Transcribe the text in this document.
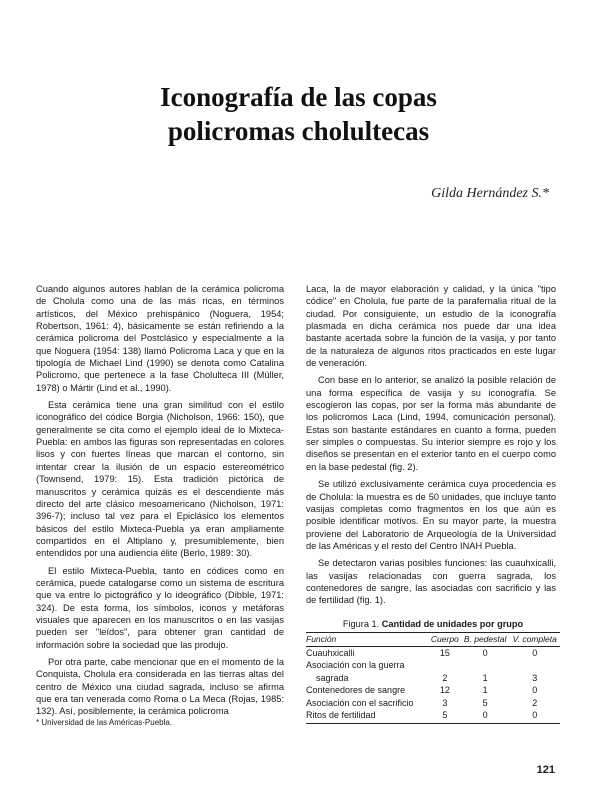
Iconografía de las copas
policromas cholultecas
Gilda Hernández S.*

Cuando algunos autores hablan de la cerámica policroma de Cholula como una de las más ricas, en términos artísticos, del México prehispánico (Noguera, 1954; Robertson, 1961: 4), básicamente se están refiriendo a la cerámica policroma del Postclásico y especialmente a la que Noguera (1954: 138) llamó Policroma Laca y que en la tipología de Michael Lind (1990) se denota como Catalina Policromo, que pertenece a la fase Cholulteca III (Müller, 1978) o Mártir (Lind et al., 1990).

Esta cerámica tiene una gran similitud con el estilo iconográfico del códice Borgia (Nicholson, 1966: 150), que generalmente se cita como el ejemplo ideal de lo Mixteca-Puebla: en ambos las figuras son representadas en colores lisos y con fuertes líneas que marcan el contorno, sin intentar crear la ilusión de un espacio estereométrico (Townsend, 1979: 15). Esta tradición pictórica de manuscritos y cerámica quizás es el descendiente más directo del arte clásico mesoamericano (Nicholson, 1971: 396-7); incluso tal vez para el Epiclásico los elementos básicos del estilo Mixteca-Puebla ya eran ampliamente compartidos en el Altiplano y, presumiblemente, bien entendidos por una audiencia élite (Berlo, 1989: 30).

El estilo Mixteca-Puebla, tanto en códices como en cerámica, puede catalogarse como un sistema de escritura que va entre lo pictográfico y lo ideográfico (Dibble, 1971: 324). De esta forma, los símbolos, iconos y metáforas visuales que aparecen en los manuscritos o en las vasijas pueden ser "leídos", para obtener gran cantidad de información sobre la sociedad que las produjo.

Por otra parte, cabe mencionar que en el momento de la Conquista, Cholula era considerada en las tierras altas del centro de México una ciudad sagrada, incluso se afirma que era tan venerada como Roma o La Meca (Rojas, 1985: 132). Así, posiblemente, la cerámica policroma

Laca, la de mayor elaboración y calidad, y la única "tipo códice" en Cholula, fue parte de la parafernalia ritual de la ciudad. Por consiguiente, un estudio de la iconografía plasmada en dicha cerámica nos puede dar una idea bastante acertada sobre la función de la vasija, y por tanto de la naturaleza de algunos ritos practicados en este lugar de veneración.

Con base en lo anterior, se analizó la posible relación de una forma específica de vasija y su iconografía. Se escogieron las copas, por ser la forma más abundante de los policromos Laca (Lind, 1994, comunicación personal). Estas son bastante estándares en cuanto a forma, pueden ser simples o compuestas. Su interior siempre es rojo y los diseños se presentan en el exterior tanto en el cuerpo como en la base pedestal (fig. 2).

Se utilizó exclusivamente cerámica cuya procedencia es de Cholula: la muestra es de 50 unidades, que incluye tanto vasijas completas como fragmentos en los que aún es posible identificar motivos. En su mayor parte, la muestra proviene del Laboratorio de Arqueología de la Universidad de las Américas y el resto del Centro INAH Puebla.

Se detectaron varias posibles funciones: las cuauhxicalli, las vasijas relacionadas con guerra sagrada, los contenedores de sangre, las asociadas con sacrificio y las de fertilidad (fig. 1).

Figura 1. Cantidad de unidades por grupo
Función	Cuerpo	B. pedestal	V. completa
Cuauhxicalli	15	0	0
Asociación con la guerra			
sagrada	2	1	3
Contenedores de sangre	12	1	0
Asociación con el sacrificio	3	5	2
Ritos de fertilidad	5	0	0
* Universidad de las Américas-Puebla.
121
